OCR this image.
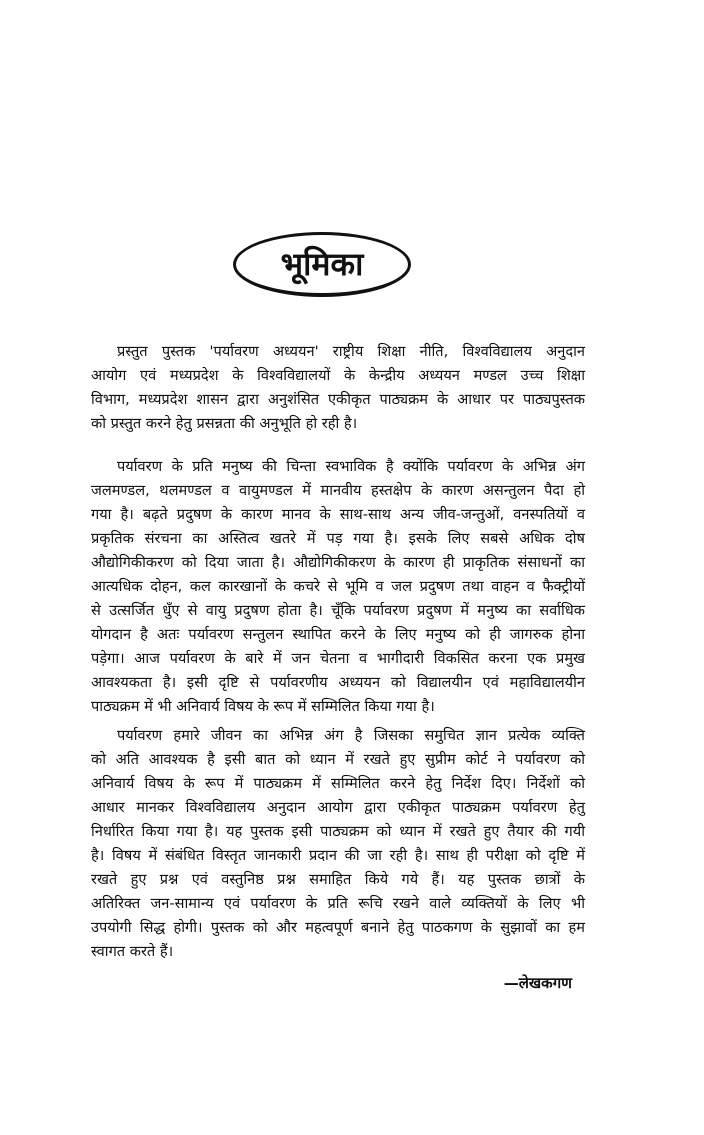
भूमिका
प्रस्तुत पुस्तक 'पर्यावरण अध्ययन' राष्ट्रीय शिक्षा नीति, विश्वविद्यालय अनुदान
आयोग एवं मध्यप्रदेश के विश्वविद्यालयों के केन्द्रीय अध्ययन मण्डल उच्च शिक्षा
विभाग, मध्यप्रदेश शासन द्वारा अनुशंसित एकीकृत पाठ्यक्रम के आधार पर पाठ्यपुस्तक
को प्रस्तुत करने हेतु प्रसन्नता की अनुभूति हो रही है।
पर्यावरण के प्रति मनुष्य की चिन्ता स्वभाविक है क्योंकि पर्यावरण के अभिन्न अंग
जलमण्डल, थलमण्डल व वायुमण्डल में मानवीय हस्तक्षेप के कारण असन्तुलन पैदा हो
गया है। बढ़ते प्रदुषण के कारण मानव के साथ-साथ अन्य जीव-जन्तुओं, वनस्पतियों व
प्रकृतिक संरचना का अस्तित्व खतरे में पड़ गया है। इसके लिए सबसे अधिक दोष
औद्योगिकीकरण को दिया जाता है। औद्योगिकीकरण के कारण ही प्राकृतिक संसाधनों का
आत्यधिक दोहन, कल कारखानों के कचरे से भूमि व जल प्रदुषण तथा वाहन व फैक्ट्रीयों
से उत्सर्जित धुँए से वायु प्रदुषण होता है। चूँकि पर्यावरण प्रदुषण में मनुष्य का सर्वाधिक
योगदान है अतः पर्यावरण सन्तुलन स्थापित करने के लिए मनुष्य को ही जागरुक होना
पड़ेगा। आज पर्यावरण के बारे में जन चेतना व भागीदारी विकसित करना एक प्रमुख
आवश्यकता है। इसी दृष्टि से पर्यावरणीय अध्ययन को विद्यालयीन एवं महाविद्यालयीन
पाठ्यक्रम में भी अनिवार्य विषय के रूप में सम्मिलित किया गया है।
पर्यावरण हमारे जीवन का अभिन्न अंग है जिसका समुचित ज्ञान प्रत्येक व्यक्ति
को अति आवश्यक है इसी बात को ध्यान में रखते हुए सुप्रीम कोर्ट ने पर्यावरण को
अनिवार्य विषय के रूप में पाठ्यक्रम में सम्मिलित करने हेतु निर्देश दिए। निर्देशों को
आधार मानकर विश्वविद्यालय अनुदान आयोग द्वारा एकीकृत पाठ्यक्रम पर्यावरण हेतु
निर्धारित किया गया है। यह पुस्तक इसी पाठ्यक्रम को ध्यान में रखते हुए तैयार की गयी
है। विषय में संबंधित विस्तृत जानकारी प्रदान की जा रही है। साथ ही परीक्षा को दृष्टि में
रखते हुए प्रश्न एवं वस्तुनिष्ठ प्रश्न समाहित किये गये हैं। यह पुस्तक छात्रों के
अतिरिक्त जन-सामान्य एवं पर्यावरण के प्रति रूचि रखने वाले व्यक्तियों के लिए भी
उपयोगी सिद्ध होगी। पुस्तक को और महत्वपूर्ण बनाने हेतु पाठकगण के सुझावों का हम
स्वागत करते हैं।
—लेखकगण
